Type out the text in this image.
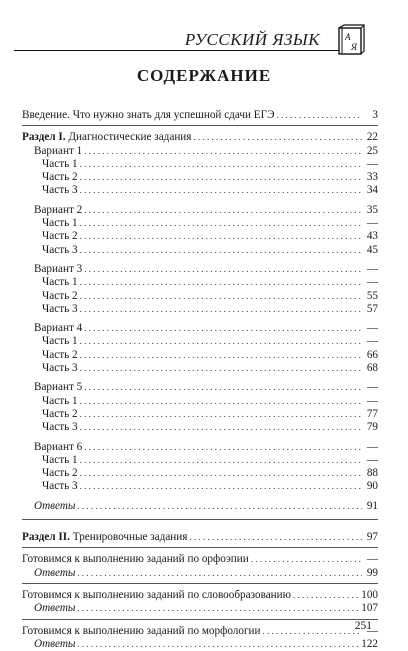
РУССКИЙ ЯЗЫК	А
Я
СОДЕРЖАНИЕ
Введение. Что нужно знать для успешной сдачи ЕГЭ . . .	3
Раздел I. Диагностические задания . . .	22
Вариант 1 . . .	25
Часть 1 . . .	—
Часть 2 . . .	33
Часть 3 . . .	34
Вариант 2 . . .	35
Часть 1 . . .	—
Часть 2 . . .	43
Часть 3 . . .	45
Вариант 3 . . .	—
Часть 1 . . .	—
Часть 2 . . .	55
Часть 3 . . .	57
Вариант 4 . . .	—
Часть 1 . . .	—
Часть 2 . . .	66
Часть 3 . . .	68
Вариант 5 . . .	—
Часть 1 . . .	—
Часть 2 . . .	77
Часть 3 . . .	79
Вариант 6 . . .	—
Часть 1 . . .	—
Часть 2 . . .	88
Часть 3 . . .	90
Ответы . . .	91
Раздел II. Тренировочные задания . . .	97
Готовимся к выполнению заданий по орфоэпии . . .	—
Ответы . . .	99
Готовимся к выполнению заданий по словообразованию . . .	100
Ответы . . .	107
Готовимся к выполнению заданий по морфологии . . .	—
Ответы . . .	122
251
